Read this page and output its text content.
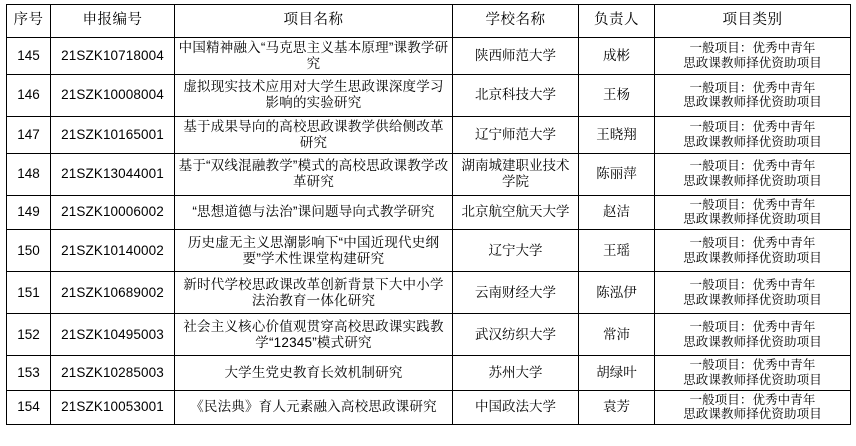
序号	申报编号	项目名称	学校名称	负责人	项目类别
145	21SZK10718004	中国精神融入“马克思主义基本原理”课教学研究	陕西师范大学	成彬	一般项目：优秀中青年
思政课教师择优资助项目

146	21SZK10008004	虚拟现实技术应用对大学生思政课深度学习影响的实验研究	北京科技大学	王杨	一般项目：优秀中青年
思政课教师择优资助项目

147	21SZK10165001	基于成果导向的高校思政课教学供给侧改革研究	辽宁师范大学	王晓翔	一般项目：优秀中青年
思政课教师择优资助项目

148	21SZK13044001	基于“双线混融教学”模式的高校思政课教学改革研究	湖南城建职业技术学院	陈丽萍	一般项目：优秀中青年
思政课教师择优资助项目

149	21SZK10006002	“思想道德与法治”课问题导向式教学研究	北京航空航天大学	赵洁	一般项目：优秀中青年
思政课教师择优资助项目

150	21SZK10140002	历史虚无主义思潮影响下“中国近现代史纲要”学术性课堂构建研究	辽宁大学	王瑶	一般项目：优秀中青年
思政课教师择优资助项目

151	21SZK10689002	新时代学校思政课改革创新背景下大中小学法治教育一体化研究	云南财经大学	陈泓伊	一般项目：优秀中青年
思政课教师择优资助项目

152	21SZK10495003	社会主义核心价值观贯穿高校思政课实践教学“12345”模式研究	武汉纺织大学	常沛	一般项目：优秀中青年
思政课教师择优资助项目

153	21SZK10285003	大学生党史教育长效机制研究	苏州大学	胡绿叶	一般项目：优秀中青年
思政课教师择优资助项目

154	21SZK10053001	《民法典》育人元素融入高校思政课研究	中国政法大学	袁芳	一般项目：优秀中青年
思政课教师择优资助项目
